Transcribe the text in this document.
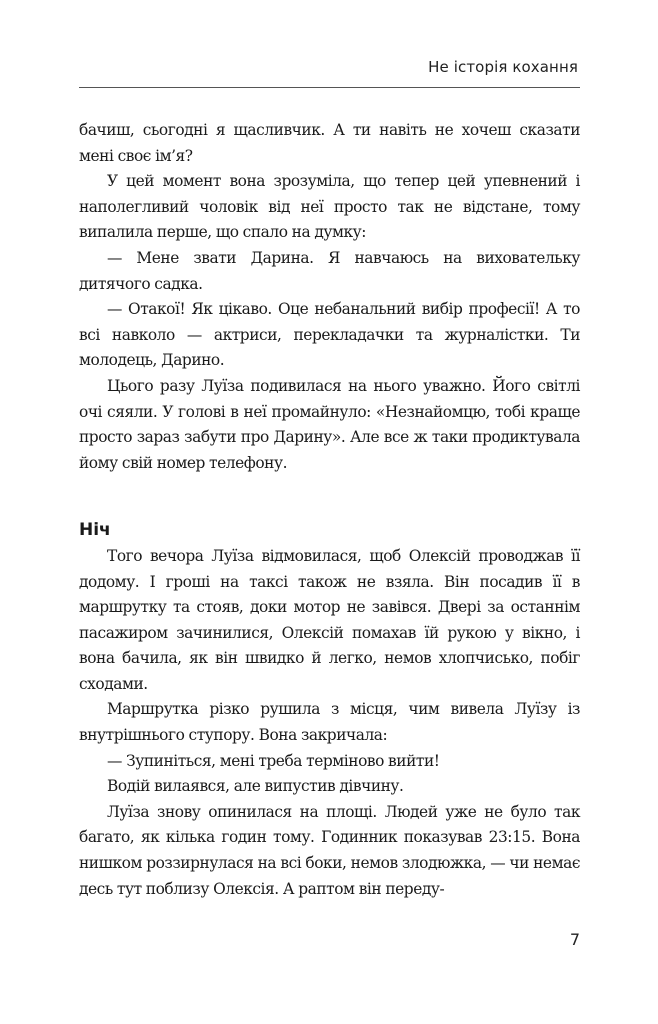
Не історія кохання

бачиш, сьогодні я щасливчик. А ти навіть не хочеш сказати мені своє ім’я?

У цей момент вона зрозуміла, що тепер цей упевнений і наполегливий чоловік від неї просто так не відстане, тому випалила перше, що спало на думку:

— Мене звати Дарина. Я навчаюсь на виховательку дитячого садка.

— Отакої! Як цікаво. Оце небанальний вибір професії! А то всі навколо — актриси, перекладачки та журналістки. Ти молодець, Дарино.

Цього разу Луїза подивилася на нього уважно. Його світлі очі сяяли. У голові в неї промайнуло: «Незнайомцю, тобі краще просто зараз забути про Дарину». Але все ж таки продиктувала йому свій номер телефону.

Ніч

Того вечора Луїза відмовилася, щоб Олексій проводжав її додому. І гроші на таксі також не взяла. Він посадив її в маршрутку та стояв, доки мотор не завівся. Двері за останнім пасажиром зачинилися, Олексій помахав їй рукою у вікно, і вона бачила, як він швидко й легко, немов хлопчисько, побіг сходами.

Маршрутка різко рушила з місця, чим вивела Луїзу із внутрішнього ступору. Вона закричала:

— Зупиніться, мені треба терміново вийти!

Водій вилаявся, але випустив дівчину.

Луїза знову опинилася на площі. Людей уже не було так багато, як кілька годин тому. Годинник показував 23:15. Вона нишком роззирнулася на всі боки, немов злодюжка, — чи немає десь тут поблизу Олексія. А раптом він переду-

7
